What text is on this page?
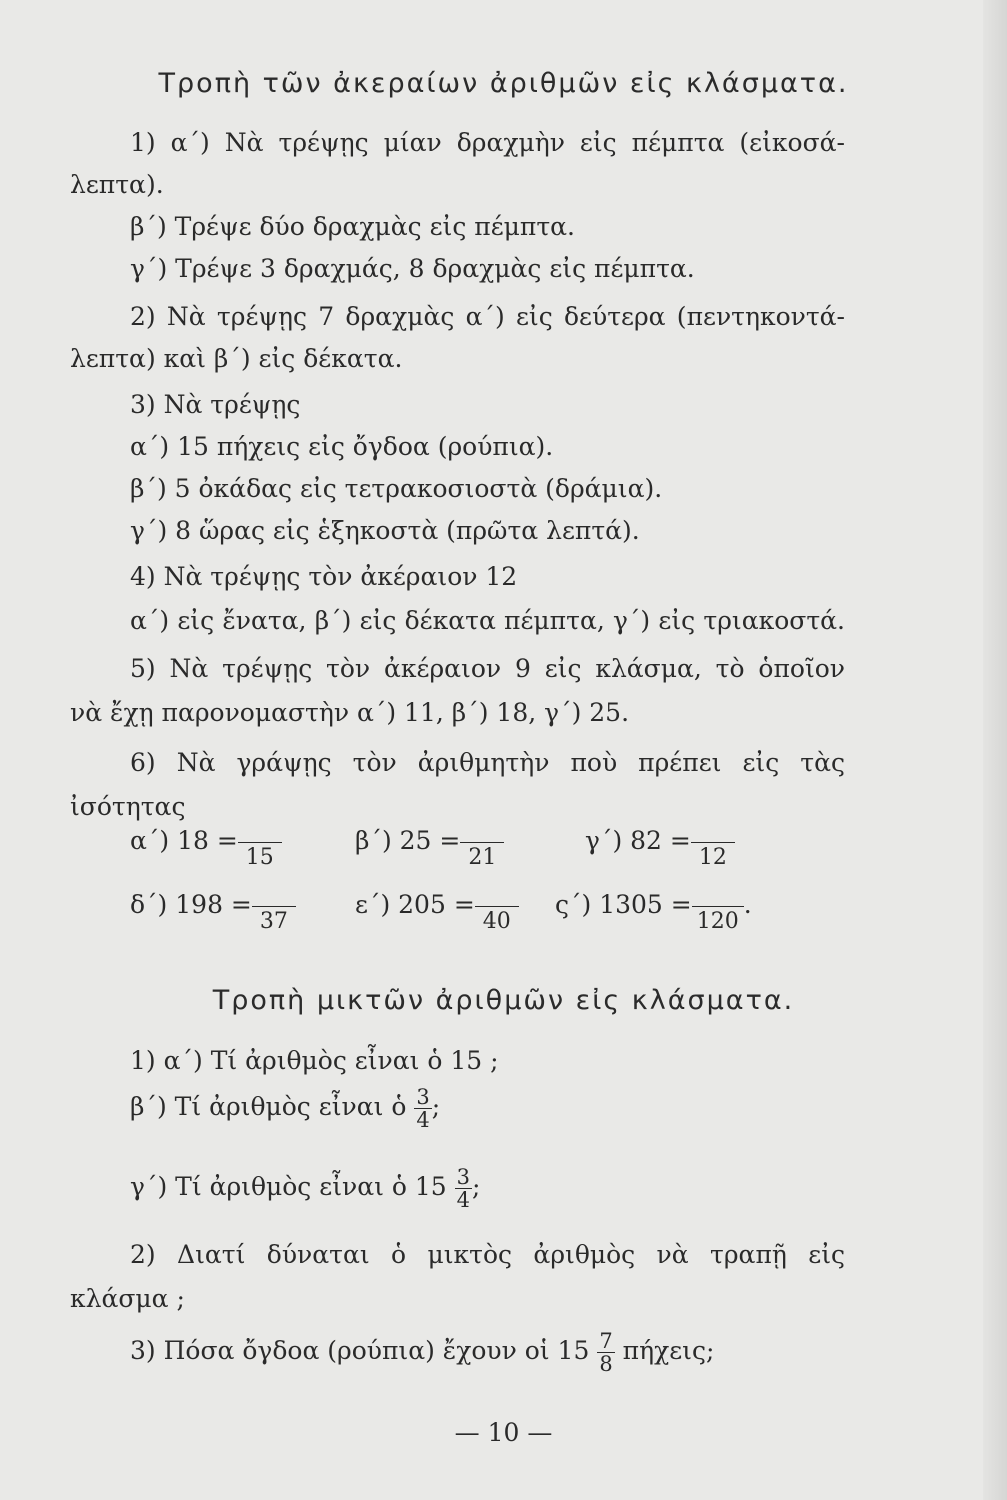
Τροπὴ τῶν ἀκεραίων ἀριθμῶν εἰς κλάσματα.
1) α΄) Νὰ τρέψῃς μίαν δραχμὴν εἰς πέμπτα (εἰκοσά-
λεπτα).
β΄) Τρέψε δύο δραχμὰς εἰς πέμπτα.
γ΄) Τρέψε 3 δραχμάς, 8 δραχμὰς εἰς πέμπτα.
2) Νὰ τρέψῃς 7 δραχμὰς α΄) εἰς δεύτερα (πεντηκοντά-
λεπτα) καὶ β΄) εἰς δέκατα.
3) Νὰ τρέψῃς
α΄) 15 πήχεις εἰς ὄγδοα (ρούπια).
β΄) 5 ὀκάδας εἰς τετρακοσιοστὰ (δράμια).
γ΄) 8 ὥρας εἰς ἑξηκοστὰ (πρῶτα λεπτά).
4) Νὰ τρέψῃς τὸν ἀκέραιον 12
α΄) εἰς ἔνατα, β΄) εἰς δέκατα πέμπτα, γ΄) εἰς τριακοστά.
5) Νὰ τρέψῃς τὸν ἀκέραιον 9 εἰς κλάσμα, τὸ ὁποῖον
νὰ ἔχῃ παρονομαστὴν α΄) 11, β΄) 18, γ΄) 25.
6) Νὰ γράψῃς τὸν ἀριθμητὴν ποὺ πρέπει εἰς τὰς
ἰσότητας
α΄) 18 =
15
β΄) 25 =
21
γ΄) 82 =
12
δ΄) 198 =
37
ε΄) 205 =
40
ς΄) 1305 =
120
.
Τροπὴ μικτῶν ἀριθμῶν εἰς κλάσματα.
1) α΄) Τί ἀριθμὸς εἶναι ὁ 15 ;
β΄) Τί ἀριθμὸς εἶναι ὁ $\frac{3}{4}$ ;
γ΄) Τί ἀριθμὸς εἶναι ὁ $15 \frac{3}{4}$ ;
2) Διατί δύναται ὁ μικτὸς ἀριθμὸς νὰ τραπῇ εἰς
κλάσμα ;
3) Πόσα ὄγδοα (ρούπια) ἔχουν οἱ $15 \frac{7}{8} \pi ή\chi\varepsilon\iota\varsigma$;
— 10 —
